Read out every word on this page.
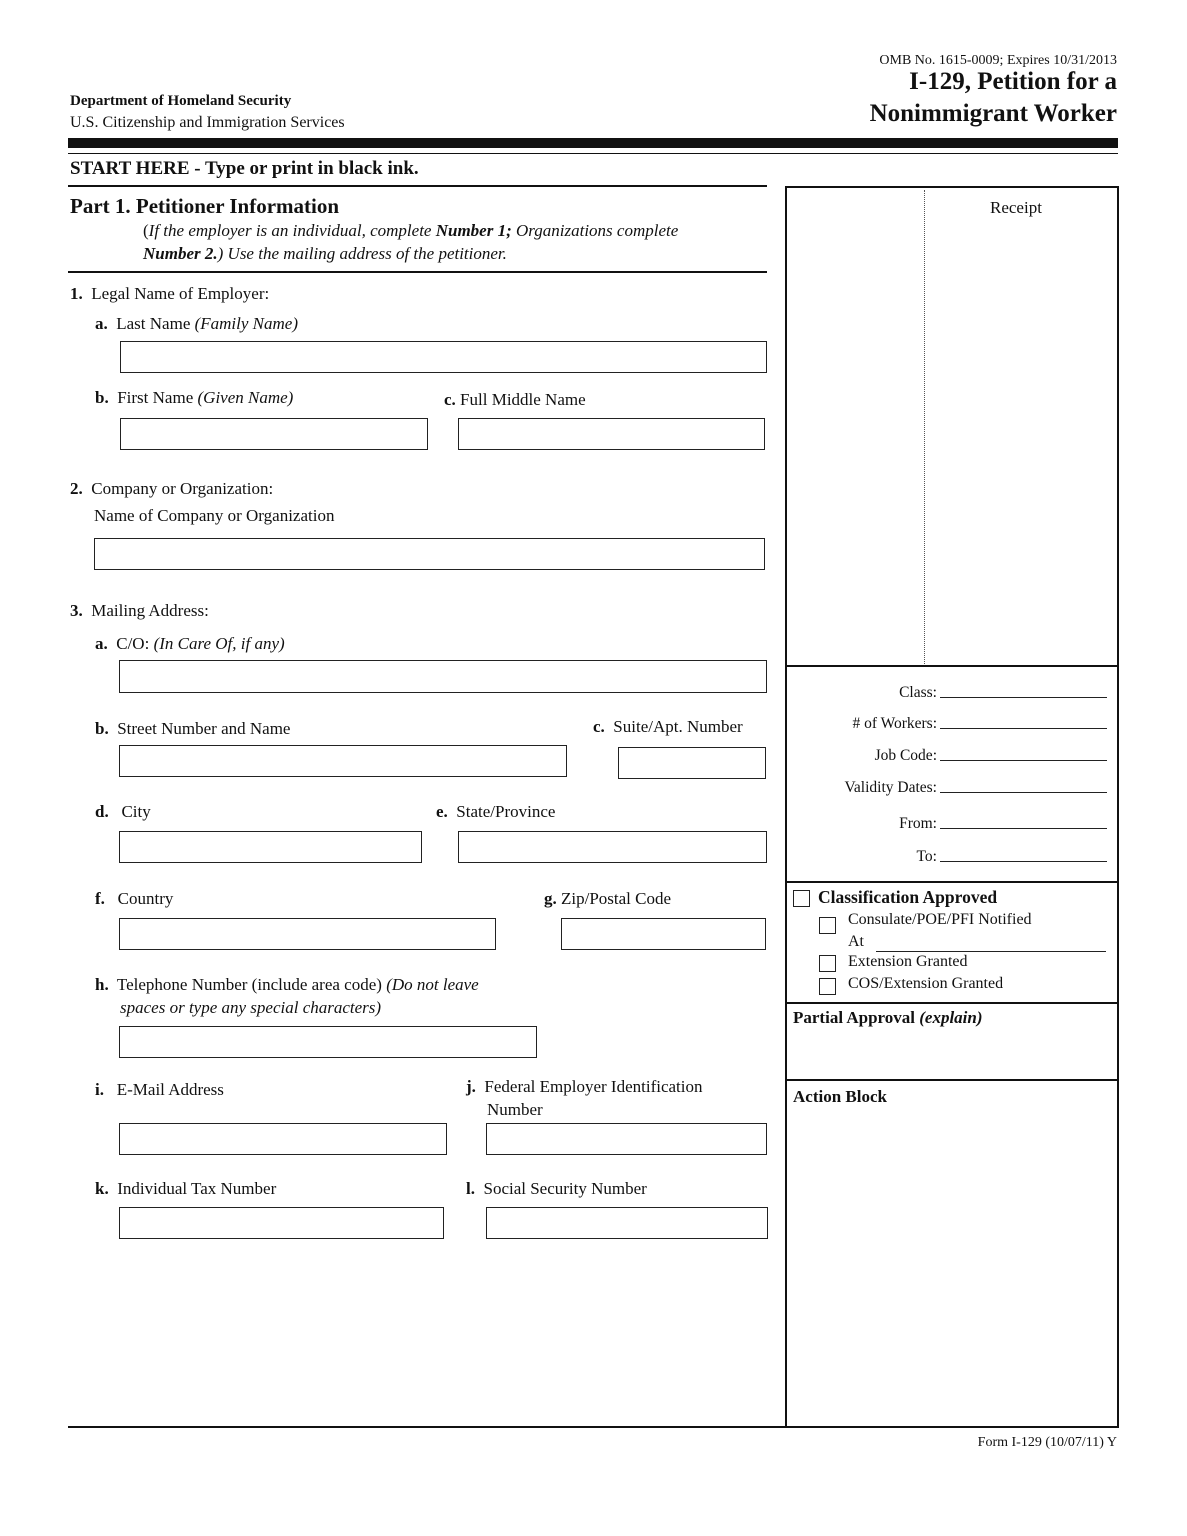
OMB No. 1615-0009; Expires 10/31/2013
I-129, Petition for a
Nonimmigrant Worker
Department of Homeland Security
U.S. Citizenship and Immigration Services
START HERE - Type or print in black ink.
Part 1. Petitioner Information
(If the employer is an individual, complete Number 1; Organizations complete
Number 2.) Use the mailing address of the petitioner.
1. Legal Name of Employer:
a. Last Name (Family Name)
b. First Name (Given Name)	c. Full Middle Name
2. Company or Organization:
Name of Company or Organization
3. Mailing Address:
a. C/O: (In Care Of, if any)
b. Street Number and Name	c. Suite/Apt. Number
d. City	e. State/Province
f. Country	g. Zip/Postal Code
h. Telephone Number (include area code) (Do not leave
spaces or type any special characters)
i. E-Mail Address	j. Federal Employer Identification
Number
k. Individual Tax Number	l. Social Security Number
Receipt
Class:
# of Workers:
Job Code:
Validity Dates:
From:
To:
Classification Approved
Consulate/POE/PFI Notified
At
Extension Granted
COS/Extension Granted
Partial Approval (explain)
Action Block
Form I-129 (10/07/11) Y
